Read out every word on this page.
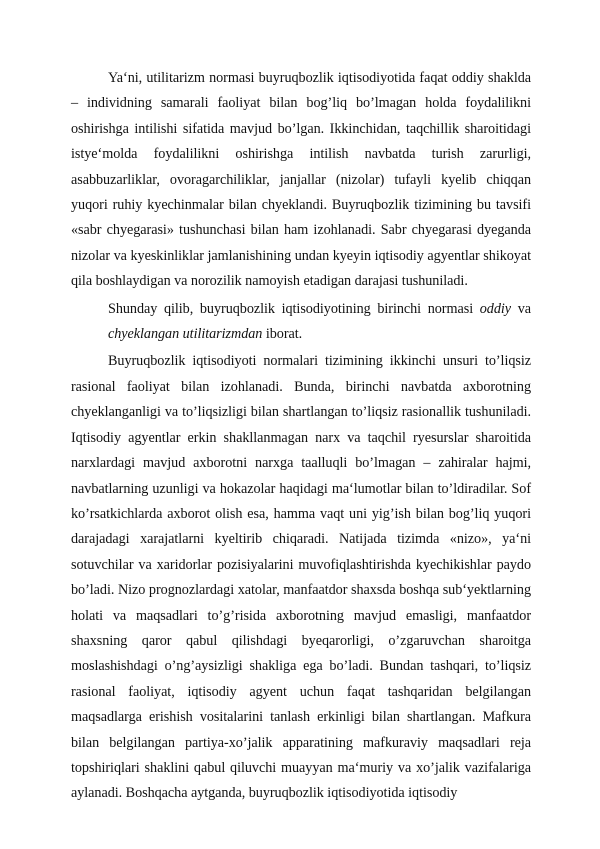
Ya‘ni, utilitarizm normasi buyruqbozlik iqtisodiyotida faqat oddiy shaklda – individning samarali faoliyat bilan bog’liq bo’lmagan holda foydalilikni oshirishga intilishi sifatida mavjud bo’lgan. Ikkinchidan, taqchillik sharoitidagi istye‘molda foydalilikni oshirishga intilish navbatda turish zarurligi, asabbuzarliklar, ovoragarchiliklar, janjallar (nizolar) tufayli kyelib chiqqan yuqori ruhiy kyechinmalar bilan chyeklandi. Buyruqbozlik tizimining bu tavsifi «sabr chyegarasi» tushunchasi bilan ham izohlanadi. Sabr chyegarasi dyeganda nizolar va kyeskinliklar jamlanishining undan kyeyin iqtisodiy agyentlar shikoyat qila boshlaydigan va norozilik namoyish etadigan darajasi tushuniladi.

Shunday qilib, buyruqbozlik iqtisodiyotining birinchi normasi oddiy va
chyeklangan utilitarizmdan iborat.

Buyruqbozlik iqtisodiyoti normalari tizimining ikkinchi unsuri to’liqsiz rasional faoliyat bilan izohlanadi. Bunda, birinchi navbatda axborotning chyeklanganligi va to’liqsizligi bilan shartlangan to’liqsiz rasionallik tushuniladi. Iqtisodiy agyentlar erkin shakllanmagan narx va taqchil ryesurslar sharoitida narxlardagi mavjud axborotni narxga taalluqli bo’lmagan – zahiralar hajmi, navbatlarning uzunligi va hokazolar haqidagi ma‘lumotlar bilan to’ldiradilar. Sof ko’rsatkichlarda axborot olish esa, hamma vaqt uni yig’ish bilan bog’liq yuqori darajadagi xarajatlarni kyeltirib chiqaradi. Natijada tizimda «nizo», ya‘ni sotuvchilar va xaridorlar pozisiyalarini muvofiqlashtirishda kyechikishlar paydo bo’ladi. Nizo prognozlardagi xatolar, manfaatdor shaxsda boshqa sub‘yektlarning holati va maqsadlari to’g’risida axborotning mavjud emasligi, manfaatdor shaxsning qaror qabul qilishdagi byeqarorligi, o’zgaruvchan sharoitga moslashishdagi o’ng’aysizligi shakliga ega bo’ladi. Bundan tashqari, to’liqsiz rasional faoliyat, iqtisodiy agyent uchun faqat tashqaridan belgilangan maqsadlarga erishish vositalarini tanlash erkinligi bilan shartlangan. Mafkura bilan belgilangan partiya-xo’jalik apparatining mafkuraviy maqsadlari reja topshiriqlari shaklini qabul qiluvchi muayyan ma‘muriy va xo’jalik vazifalariga aylanadi. Boshqacha aytganda, buyruqbozlik iqtisodiyotida iqtisodiy
